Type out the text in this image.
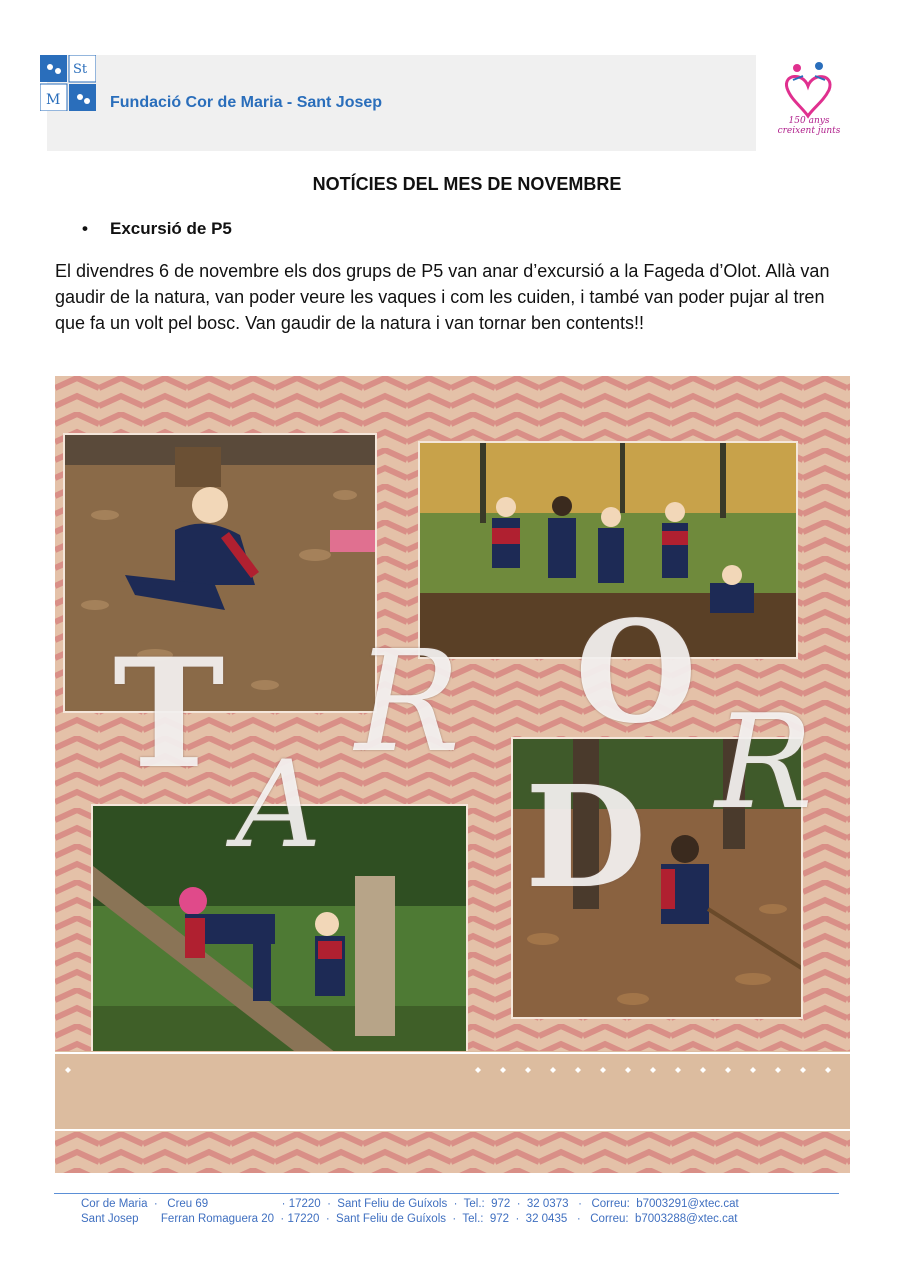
St
M	Fundació Cor de Maria - Sant Josep
150 anys creixent junts
NOTÍCIES DEL MES DE NOVEMBRE
• Excursió de P5
El divendres 6 de novembre els dos grups de P5 van anar d’excursió a la Fageda d’Olot. Allà van gaudir de la natura, van poder veure les vaques i com les cuiden, i també van poder pujar al tren que fa un volt pel bosc. Van gaudir de la natura i van tornar ben contents!!
T
A
R
D
O
R
Cor de Maria  ·   Creu 69                       · 17220  ·  Sant Feliu de Guíxols  ·  Tel.:  972  ·  32 0373   ·   Correu:  b7003291@xtec.cat
Sant Josep       Ferran Romaguera 20  · 17220  ·  Sant Feliu de Guíxols  ·  Tel.:  972  ·  32 0435   ·   Correu:  b7003288@xtec.cat
